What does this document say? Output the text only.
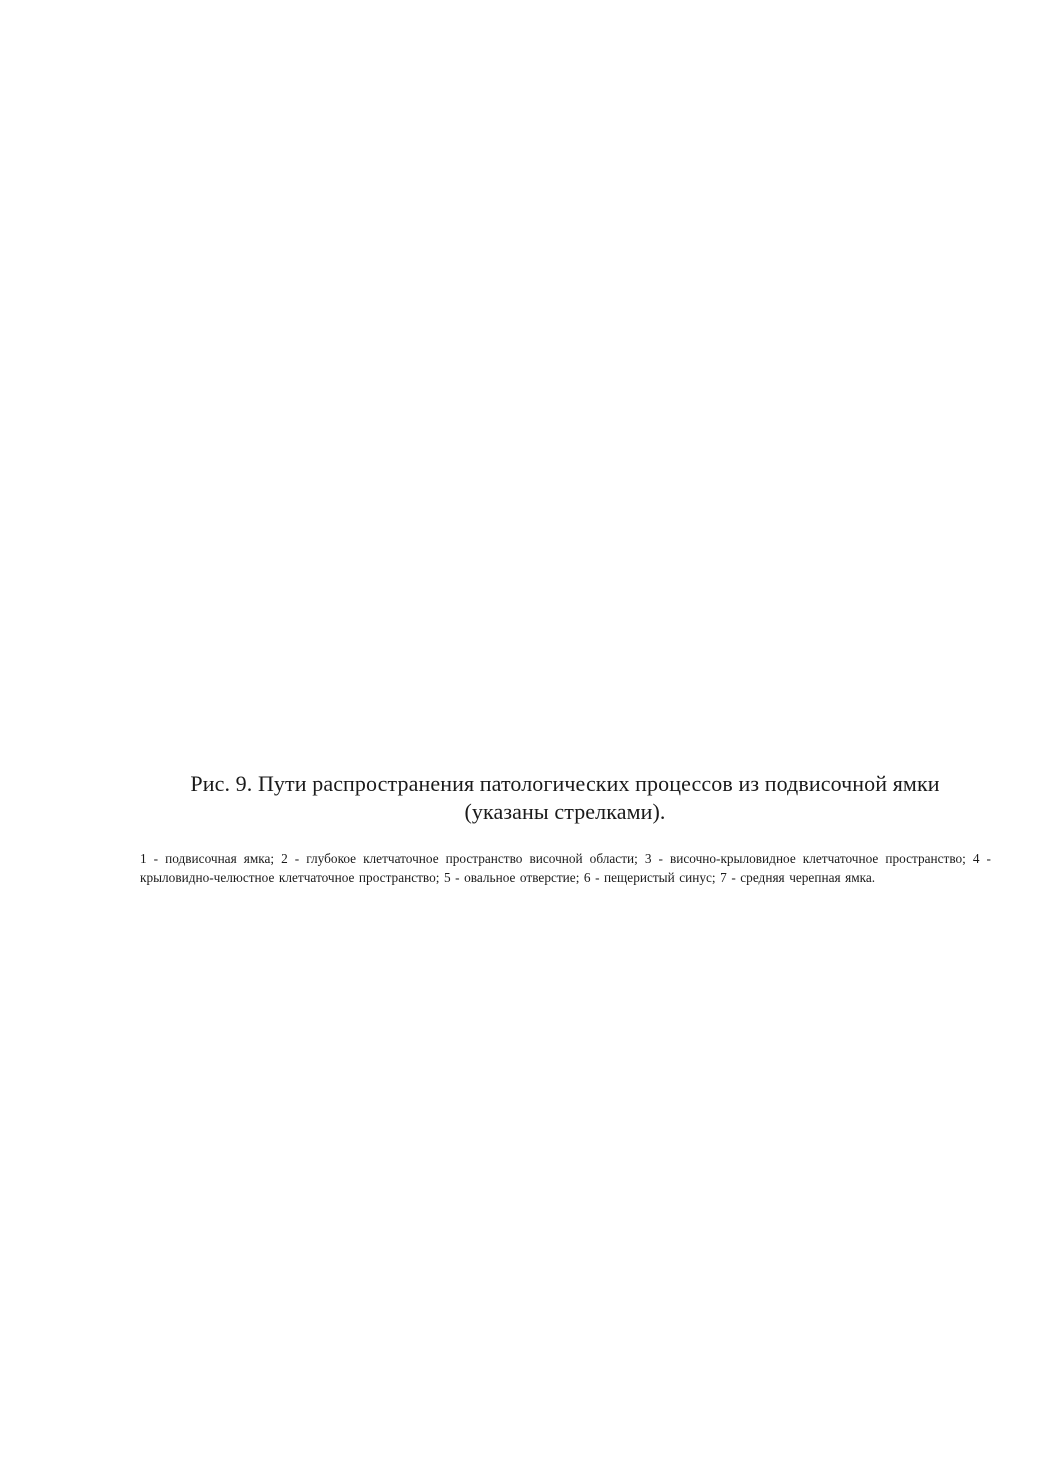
Рис. 9. Пути распространения патологических процессов из подвисочной ямки
(указаны стрелками).
1 - подвисочная ямка; 2 - глубокое клетчаточное пространство височной области; 3 - височно-крыловидное клетчаточное пространство; 4 - крыловидно-челюстное клетчаточное пространство; 5 - овальное отверстие; 6 - пещеристый синус; 7 - средняя черепная ямка.
